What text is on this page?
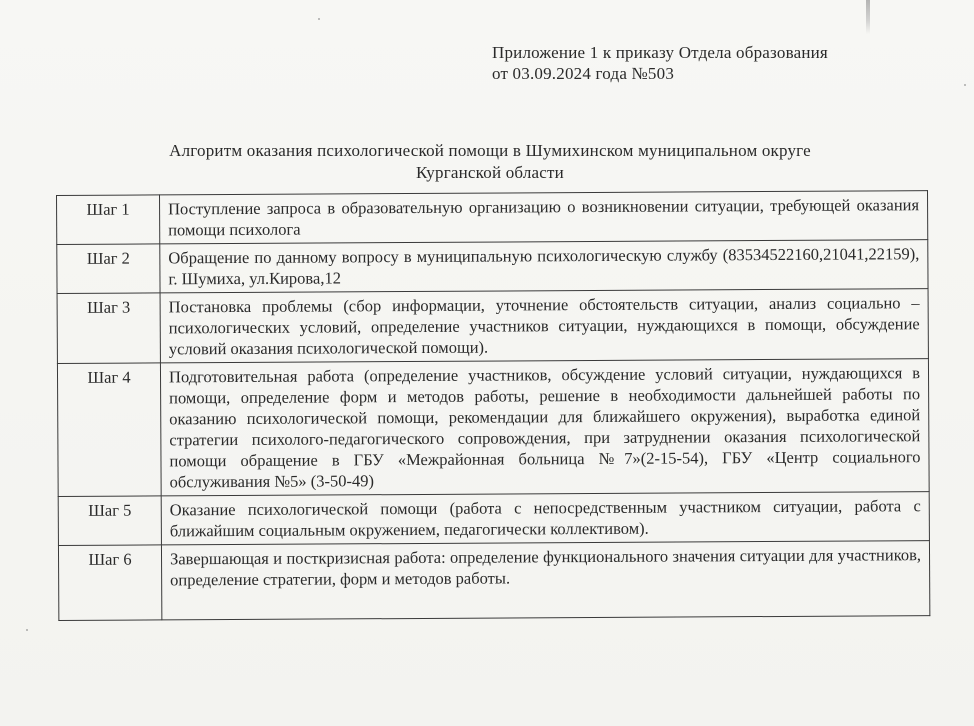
Приложение 1 к приказу Отдела образования
от 03.09.2024 года №503
Алгоритм оказания психологической помощи в Шумихинском муниципальном округе
Курганской области
Шаг 1	Поступление запроса в образовательную организацию о возникновении ситуации, требующей оказания помощи психолога
Шаг 2	Обращение по данному вопросу в муниципальную психологическую службу (83534522160,21041,22159), г. Шумиха, ул.Кирова,12
Шаг 3	Постановка проблемы (сбор информации, уточнение обстоятельств ситуации, анализ социально – психологических условий, определение участников ситуации, нуждающихся в помощи, обсуждение условий оказания психологической помощи).
Шаг 4	Подготовительная работа (определение участников, обсуждение условий ситуации, нуждающихся в помощи, определение форм и методов работы, решение в необходимости дальнейшей работы по оказанию психологической помощи, рекомендации для ближайшего окружения), выработка единой стратегии психолого-педагогического сопровождения, при затруднении оказания психологической помощи обращение в ГБУ «Межрайонная больница №7»(2-15-54), ГБУ «Центр социального обслуживания №5» (3-50-49)
Шаг 5	Оказание психологической помощи (работа с непосредственным участником ситуации, работа с ближайшим социальным окружением, педагогически коллективом).
Шаг 6	Завершающая и посткризисная работа: определение функционального значения ситуации для участников, определение стратегии, форм и методов работы.
